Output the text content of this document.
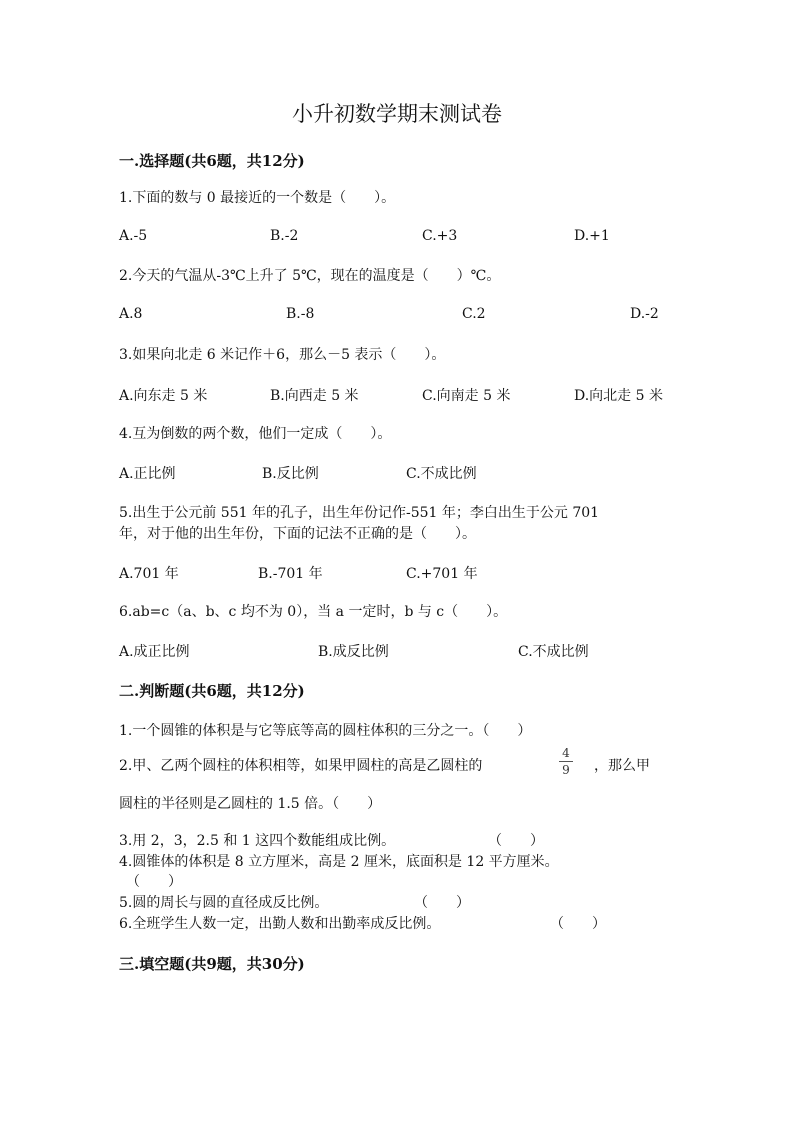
小升初数学期末测试卷
一.选择题(共6题，共12分)
1.下面的数与 0 最接近的一个数是（　　）。
A.-5	B.-2	C.+3	D.+1
2.今天的气温从-3℃上升了 5℃，现在的温度是（　　）℃。
A.8	B.-8	C.2	D.-2
3.如果向北走 6 米记作＋6，那么－5 表示（　　）。
A.向东走 5 米	B.向西走 5 米	C.向南走 5 米	D.向北走 5 米
4.互为倒数的两个数，他们一定成（　　）。
A.正比例	B.反比例	C.不成比例
5.出生于公元前 551 年的孔子，出生年份记作-551 年；李白出生于公元 701
年，对于他的出生年份，下面的记法不正确的是（　　）。
A.701 年	B.-701 年	C.+701 年
6.ab=c（a、b、c 均不为 0），当 a 一定时，b 与 c（　　）。
A.成正比例	B.成反比例	C.不成比例
二.判断题(共6题，共12分)
1.一个圆锥的体积是与它等底等高的圆柱体积的三分之一。（　　）
2.甲、乙两个圆柱的体积相等，如果甲圆柱的高是乙圆柱的
4
9 ，那么甲
圆柱的半径则是乙圆柱的 1.5 倍。（　　）
3.用 2，3，2.5 和 1 这四个数能组成比例。	（　　）
4.圆锥体的体积是 8 立方厘米，高是 2 厘米，底面积是 12 平方厘米。
（　　）
5.圆的周长与圆的直径成反比例。	（　　）
6.全班学生人数一定，出勤人数和出勤率成反比例。	（　　）
三.填空题(共9题，共30分)
